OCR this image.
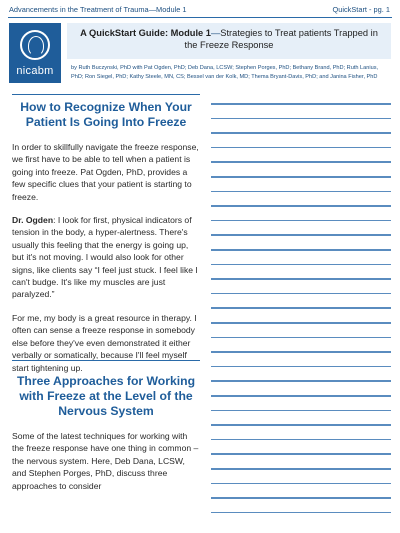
Advancements in the Treatment of Trauma—Module 1	QuickStart - pg. 1
nicabm
A QuickStart Guide: Module 1—Strategies to Treat patients Trapped in the Freeze Response
by Ruth Buczynski, PhD with Pat Ogden, PhD; Deb Dana, LCSW; Stephen Porges, PhD; Bethany Brand, PhD; Ruth Lanius, PhD; Ron Siegel, PhD; Kathy Steele, MN, CS; Bessel van der Kolk, MD; Thema Bryant-Davis, PhD; and Janina Fisher, PhD
How to Recognize When Your Patient Is Going Into Freeze
In order to skillfully navigate the freeze response, we first have to be able to tell when a patient is going into freeze. Pat Ogden, PhD, provides a few specific clues that your patient is starting to freeze.
Dr. Ogden: I look for first, physical indicators of tension in the body, a hyper-alertness. There's usually this feeling that the energy is going up, but it's not moving. I would also look for other signs, like clients say “I feel just stuck. I feel like I can't budge. It's like my muscles are just paralyzed.”
For me, my body is a great resource in therapy. I often can sense a freeze response in somebody else before they've even demonstrated it either verbally or somatically, because I'll feel myself start tightening up.
Three Approaches for Working with Freeze at the Level of the Nervous System
Some of the latest techniques for working with the freeze response have one thing in common – the nervous system. Here, Deb Dana, LCSW, and Stephen Porges, PhD, discuss three approaches to consider
